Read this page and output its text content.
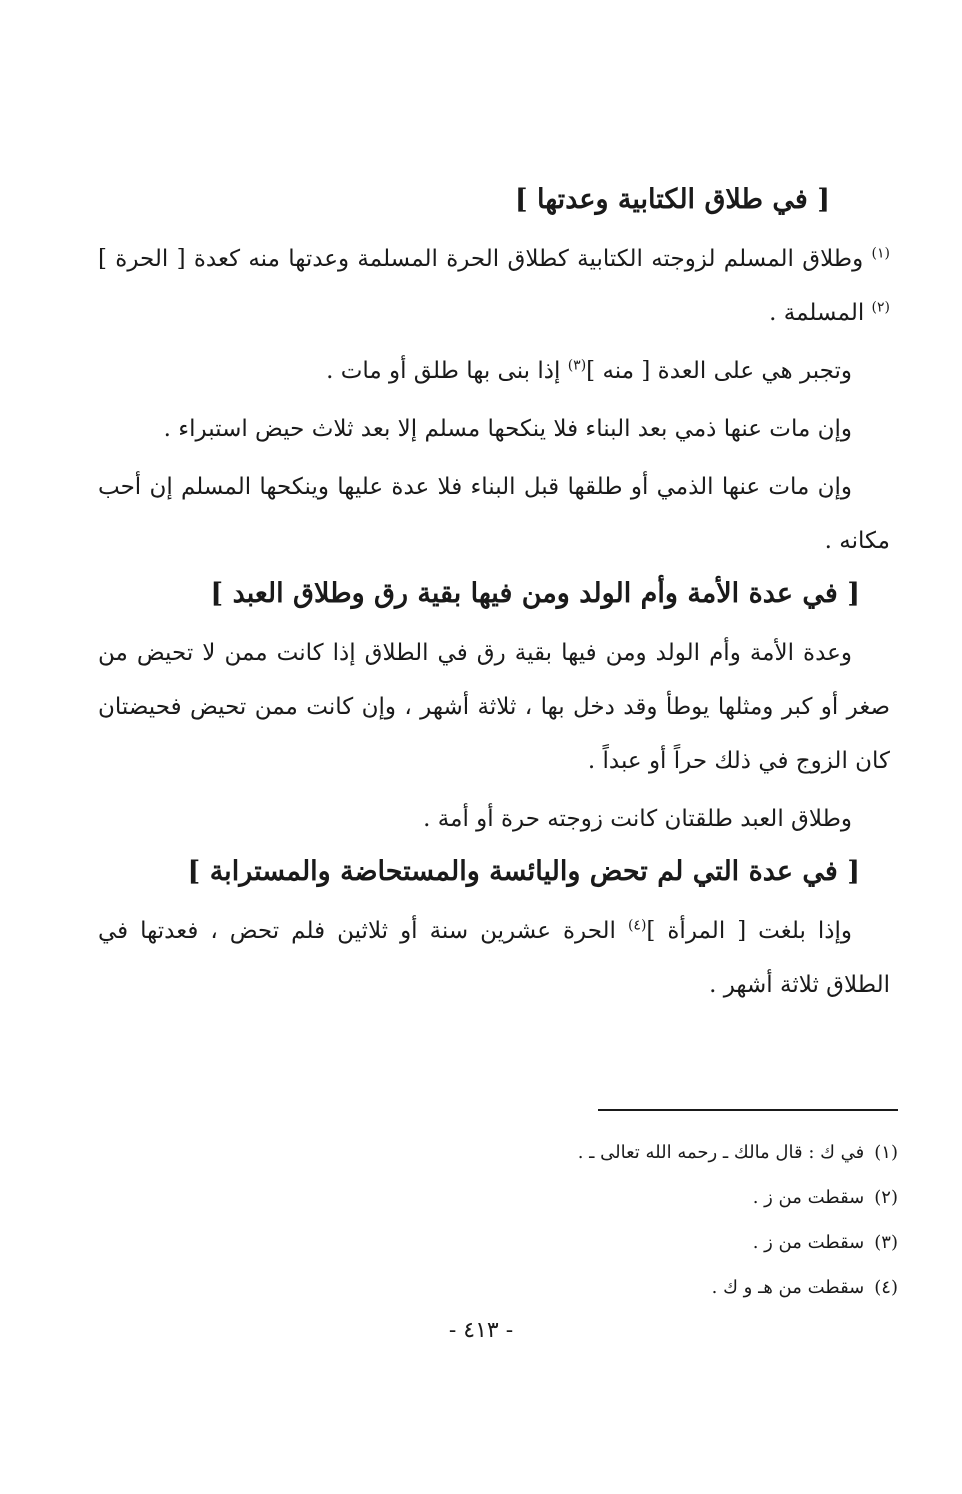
[ في طلاق الكتابية وعدتها ]

$^{(١)}$ وطلاق المسلم لزوجته الكتابية كطلاق الحرة المسلمة وعدتها منه كعدة [ الحرة ]$^{(٢)}$ المسلمة .

وتجبر هي على العدة [ منه ]$^{(٣)}$ إذا بنى بها طلق أو مات .

وإن مات عنها ذمي بعد البناء فلا ينكحها مسلم إلا بعد ثلاث حيض استبراء .

وإن مات عنها الذمي أو طلقها قبل البناء فلا عدة عليها وينكحها المسلم إن أحب مكانه .

[ في عدة الأمة وأم الولد ومن فيها بقية رق وطلاق العبد ]

وعدة الأمة وأم الولد ومن فيها بقية رق في الطلاق إذا كانت ممن لا تحيض من صغر أو كبر ومثلها يوطأ وقد دخل بها ، ثلاثة أشهر ، وإن كانت ممن تحيض فحيضتان كان الزوج في ذلك حراً أو عبداً .

وطلاق العبد طلقتان كانت زوجته حرة أو أمة .

[ في عدة التي لم تحض واليائسة والمستحاضة والمسترابة ]

وإذا بلغت [ المرأة ]$^{(٤)}$ الحرة عشرين سنة أو ثلاثين فلم تحض ، فعدتها في الطلاق ثلاثة أشهر .

(١)في ك : قال مالك ـ رحمه الله تعالى ـ .
(٢)سقطت من ز .
(٣)سقطت من ز .
(٤)سقطت من هـ و ك .
- ٤١٣ -
